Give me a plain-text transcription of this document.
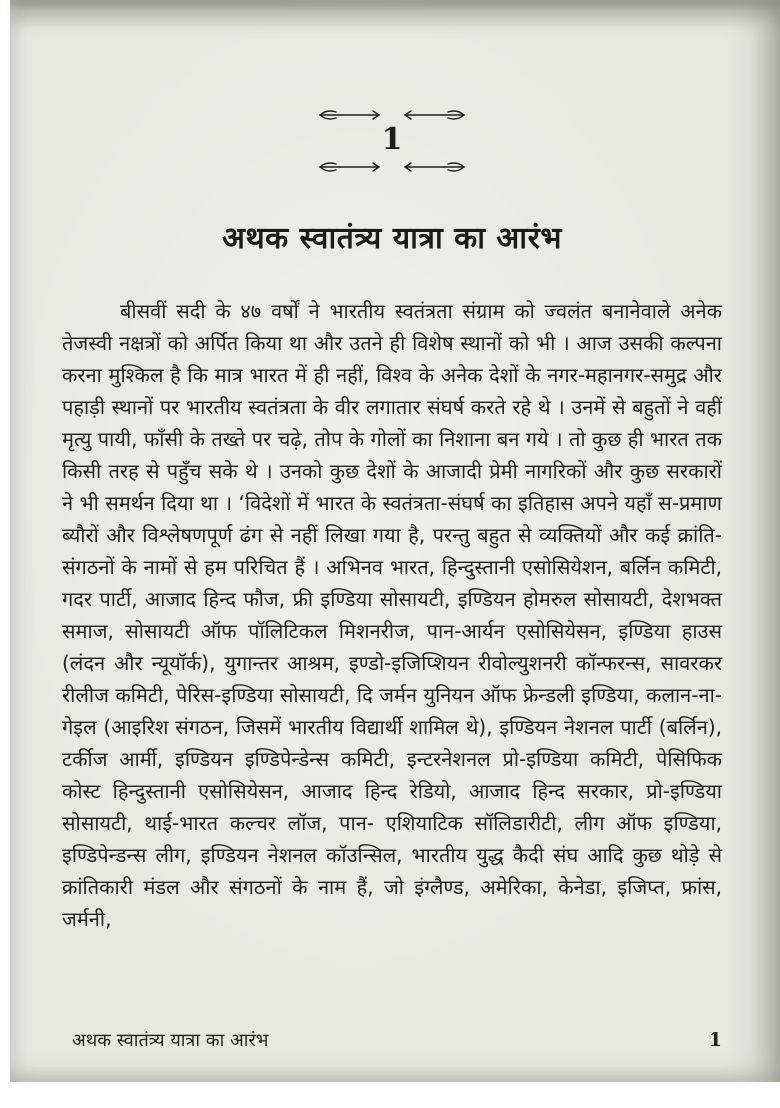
1
अथक स्वातंत्र्य यात्रा का आरंभ

बीसवीं सदी के ४७ वर्षों ने भारतीय स्वतंत्रता संग्राम को ज्वलंत बनानेवाले अनेक तेजस्वी नक्षत्रों को अर्पित किया था और उतने ही विशेष स्थानों को भी । आज उसकी कल्पना करना मुश्किल है कि मात्र भारत में ही नहीं, विश्व के अनेक देशों के नगर-महानगर-समुद्र और पहाड़ी स्थानों पर भारतीय स्वतंत्रता के वीर लगातार संघर्ष करते रहे थे । उनमें से बहुतों ने वहीं मृत्यु पायी, फाँसी के तख्ते पर चढ़े, तोप के गोलों का निशाना बन गये । तो कुछ ही भारत तक किसी तरह से पहुँच सके थे । उनको कुछ देशों के आजादी प्रेमी नागरिकों और कुछ सरकारों ने भी समर्थन दिया था । ‘विदेशों में भारत के स्वतंत्रता-संघर्ष का इतिहास अपने यहाँ स-प्रमाण ब्यौरों और विश्लेषणपूर्ण ढंग से नहीं लिखा गया है, परन्तु बहुत से व्यक्तियों और कई क्रांति-संगठनों के नामों से हम परिचित हैं । अभिनव भारत, हिन्दुस्तानी एसोसियेशन, बर्लिन कमिटी, गदर पार्टी, आजाद हिन्द फौज, फ्री इण्डिया सोसायटी, इण्डियन होमरुल सोसायटी, देशभक्त समाज, सोसायटी ऑफ पॉलिटिकल मिशनरीज, पान-आर्यन एसोसियेसन, इण्डिया हाउस (लंदन और न्यूयॉर्क), युगान्तर आश्रम, इण्डो-इजिप्शियन रीवोल्युशनरी कॉन्फरन्स, सावरकर रीलीज कमिटी, पेरिस-इण्डिया सोसायटी, दि जर्मन युनियन ऑफ फ्रेन्डली इण्डिया, कलान-ना-गेइल (आइरिश संगठन, जिसमें भारतीय विद्यार्थी शामिल थे), इण्डियन नेशनल पार्टी (बर्लिन), टर्कीज आर्मी, इण्डियन इण्डिपेन्डेन्स कमिटी, इन्टरनेशनल प्रो-इण्डिया कमिटी, पेसिफिक कोस्ट हिन्दुस्तानी एसोसियेसन, आजाद हिन्द रेडियो, आजाद हिन्द सरकार, प्रो-इण्डिया सोसायटी, थाई-भारत कल्चर लॉज, पान- एशियाटिक सॉलिडारीटी, लीग ऑफ इण्डिया, इण्डिपेन्डन्स लीग, इण्डियन नेशनल कॉउन्सिल, भारतीय युद्ध कैदी संघ आदि कुछ थोड़े से क्रांतिकारी मंडल और संगठनों के नाम हैं, जो इंग्लैण्ड, अमेरिका, केनेडा, इजिप्त, फ्रांस, जर्मनी,

अथक स्वातंत्र्य यात्रा का आरंभ	1
